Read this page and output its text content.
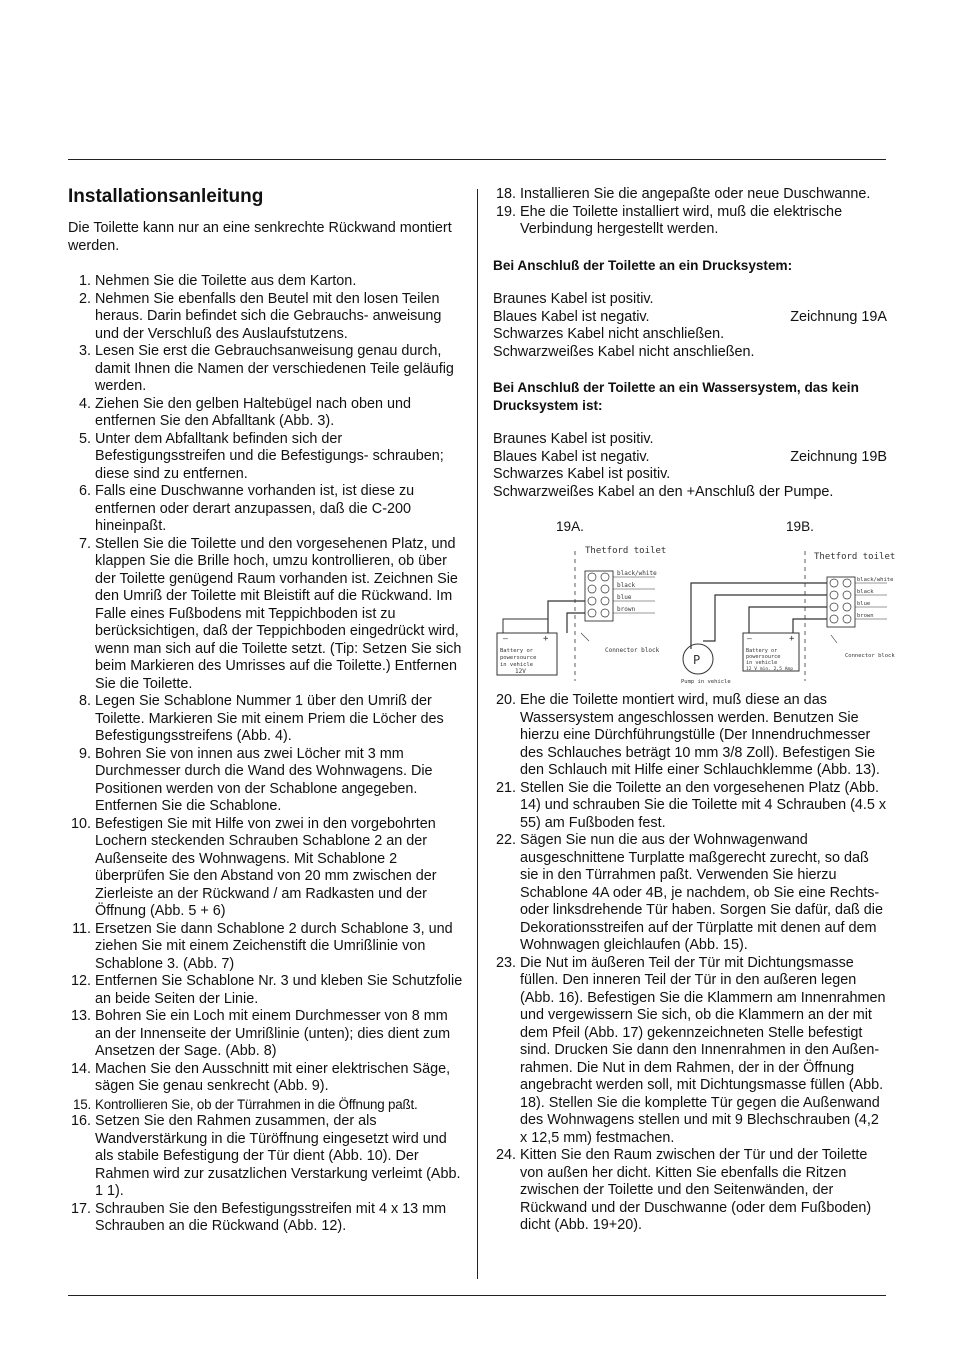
Installationsanleitung

Die Toilette kann nur an eine senkrechte Rückwand montiert werden.

1. Nehmen Sie die Toilette aus dem Karton.
2. Nehmen Sie ebenfalls den Beutel mit den losen Teilen heraus. Darin befindet sich die Gebrauchs- anweisung und der Verschluß des Auslaufstutzens.
3. Lesen Sie erst die Gebrauchsanweisung genau durch, damit Ihnen die Namen der verschiedenen Teile geläufig werden.
4. Ziehen Sie den gelben Haltebügel nach oben und entfernen Sie den Abfalltank (Abb. 3).
5. Unter dem Abfalltank befinden sich der Befestigungsstreifen und die Befestigungs- schrauben; diese sind zu entfernen.
6. Falls eine Duschwanne vorhanden ist, ist diese zu entfernen oder derart anzupassen, daß die C-200 hineinpaßt.
7. Stellen Sie die Toilette und den vorgesehenen Platz, und klappen Sie die Brille hoch, umzu kontrollieren, ob über der Toilette genügend Raum vorhanden ist. Zeichnen Sie den Umriß der Toilette mit Bleistift auf die Rückwand. Im Falle eines Fußbodens mit Teppichboden ist zu berücksichtigen, daß der Teppichboden eingedrückt wird, wenn man sich auf die Toilette setzt. (Tip: Setzen Sie sich beim Markieren des Umrisses auf die Toilette.) Entfernen Sie die Toilette.
8. Legen Sie Schablone Nummer 1 über den Umriß der Toilette. Markieren Sie mit einem Priem die Löcher des Befestigungsstreifens (Abb. 4).
9. Bohren Sie von innen aus zwei Löcher mit 3 mm Durchmesser durch die Wand des Wohnwagens. Die Positionen werden von der Schablone angegeben. Entfernen Sie die Schablone.
10. Befestigen Sie mit Hilfe von zwei in den vorgebohrten Lochern steckenden Schrauben Schablone 2 an der Außenseite des Wohnwagens. Mit Schablone 2 überprüfen Sie den Abstand von 20 mm zwischen der Zierleiste an der Rückwand / am Radkasten und der Öffnung (Abb. 5 + 6)
11. Ersetzen Sie dann Schablone 2 durch Schablone 3, und ziehen Sie mit einem Zeichenstift die Umrißlinie von Schablone 3. (Abb. 7)
12. Entfernen Sie Schablone Nr. 3 und kleben Sie Schutzfolie an beide Seiten der Linie.
13. Bohren Sie ein Loch mit einem Durchmesser von 8 mm an der Innenseite der Umrißlinie (unten); dies dient zum Ansetzen der Sage. (Abb. 8)
14. Machen Sie den Ausschnitt mit einer elektrischen Säge, sägen Sie genau senkrecht (Abb. 9).
15. Kontrollieren Sie, ob der Türrahmen in die Öffnung paßt.
16. Setzen Sie den Rahmen zusammen, der als Wandverstärkung in die Türöffnung eingesetzt wird und als stabile Befestigung der Tür dient (Abb. 10). Der Rahmen wird zur zusatzlichen Verstarkung verleimt (Abb. 1 1).
17. Schrauben Sie den Befestigungsstreifen mit 4 x 13 mm Schrauben an die Rückwand (Abb. 12).
18. Installieren Sie die angepaßte oder neue Duschwanne.
19. Ehe die Toilette installiert wird, muß die elektrische Verbindung hergestellt werden.
Bei Anschluß der Toilette an ein Drucksystem:
Braunes Kabel ist positiv.
Blaues Kabel ist negativ.	Zeichnung 19A
Schwarzes Kabel nicht anschließen.
Schwarzweißes Kabel nicht anschließen.
Bei Anschluß der Toilette an ein Wassersystem, das kein Drucksystem ist:
Braunes Kabel ist positiv.
Blaues Kabel ist negativ.	Zeichnung 19B
Schwarzes Kabel ist positiv.
Schwarzweißes Kabel an den +Anschluß der Pumpe.
19A.	19B.
Thetford toilet
black/white
black
blue
brown
—	+
Battery or
powersource
in vehicle
12V
Connector block
Thetford toilet
black/white
black
blue
brown
P
Pump in vehicle
—	+
Battery or
powersource
in vehicle
12 V min. 2,5 Amp
Connector block
20. Ehe die Toilette montiert wird, muß diese an das Wassersystem angeschlossen werden. Benutzen Sie hierzu eine Dürchführungstülle (Der Innendruchmesser des Schlauches beträgt 10 mm 3/8 Zoll). Befestigen Sie den Schlauch mit Hilfe einer Schlauchklemme (Abb. 13).
21. Stellen Sie die Toilette an den vorgesehenen Platz (Abb. 14) und schrauben Sie die Toilette mit 4 Schrauben (4.5 x 55) am Fußboden fest.
22. Sägen Sie nun die aus der Wohnwagenwand ausgeschnittene Turplatte maßgerecht zurecht, so daß sie in den Türrahmen paßt. Verwenden Sie hierzu Schablone 4A oder 4B, je nachdem, ob Sie eine Rechts- oder linksdrehende Tür haben. Sorgen Sie dafür, daß die Dekorationsstreifen auf der Türplatte mit denen auf dem Wohnwagen gleichlaufen (Abb. 15).
23. Die Nut im äußeren Teil der Tür mit Dichtungsmasse füllen. Den inneren Teil der Tür in den außeren legen (Abb. 16). Befestigen Sie die Klammern am Innenrahmen und vergewissern Sie sich, ob die Klammern an der mit dem Pfeil (Abb. 17) gekennzeichneten Stelle befestigt sind. Drucken Sie dann den Innenrahmen in den Außen- rahmen. Die Nut in dem Rahmen, der in der Öffnung angebracht werden soll, mit Dichtungsmasse füllen (Abb. 18). Stellen Sie die komplette Tür gegen die Außenwand des Wohnwagens stellen und mit 9 Blechschrauben (4,2 x 12,5 mm) festmachen.
24. Kitten Sie den Raum zwischen der Tür und der Toilette von außen her dicht. Kitten Sie ebenfalls die Ritzen zwischen der Toilette und den Seitenwänden, der Rückwand und der Duschwanne (oder dem Fußboden) dicht (Abb. 19+20).
